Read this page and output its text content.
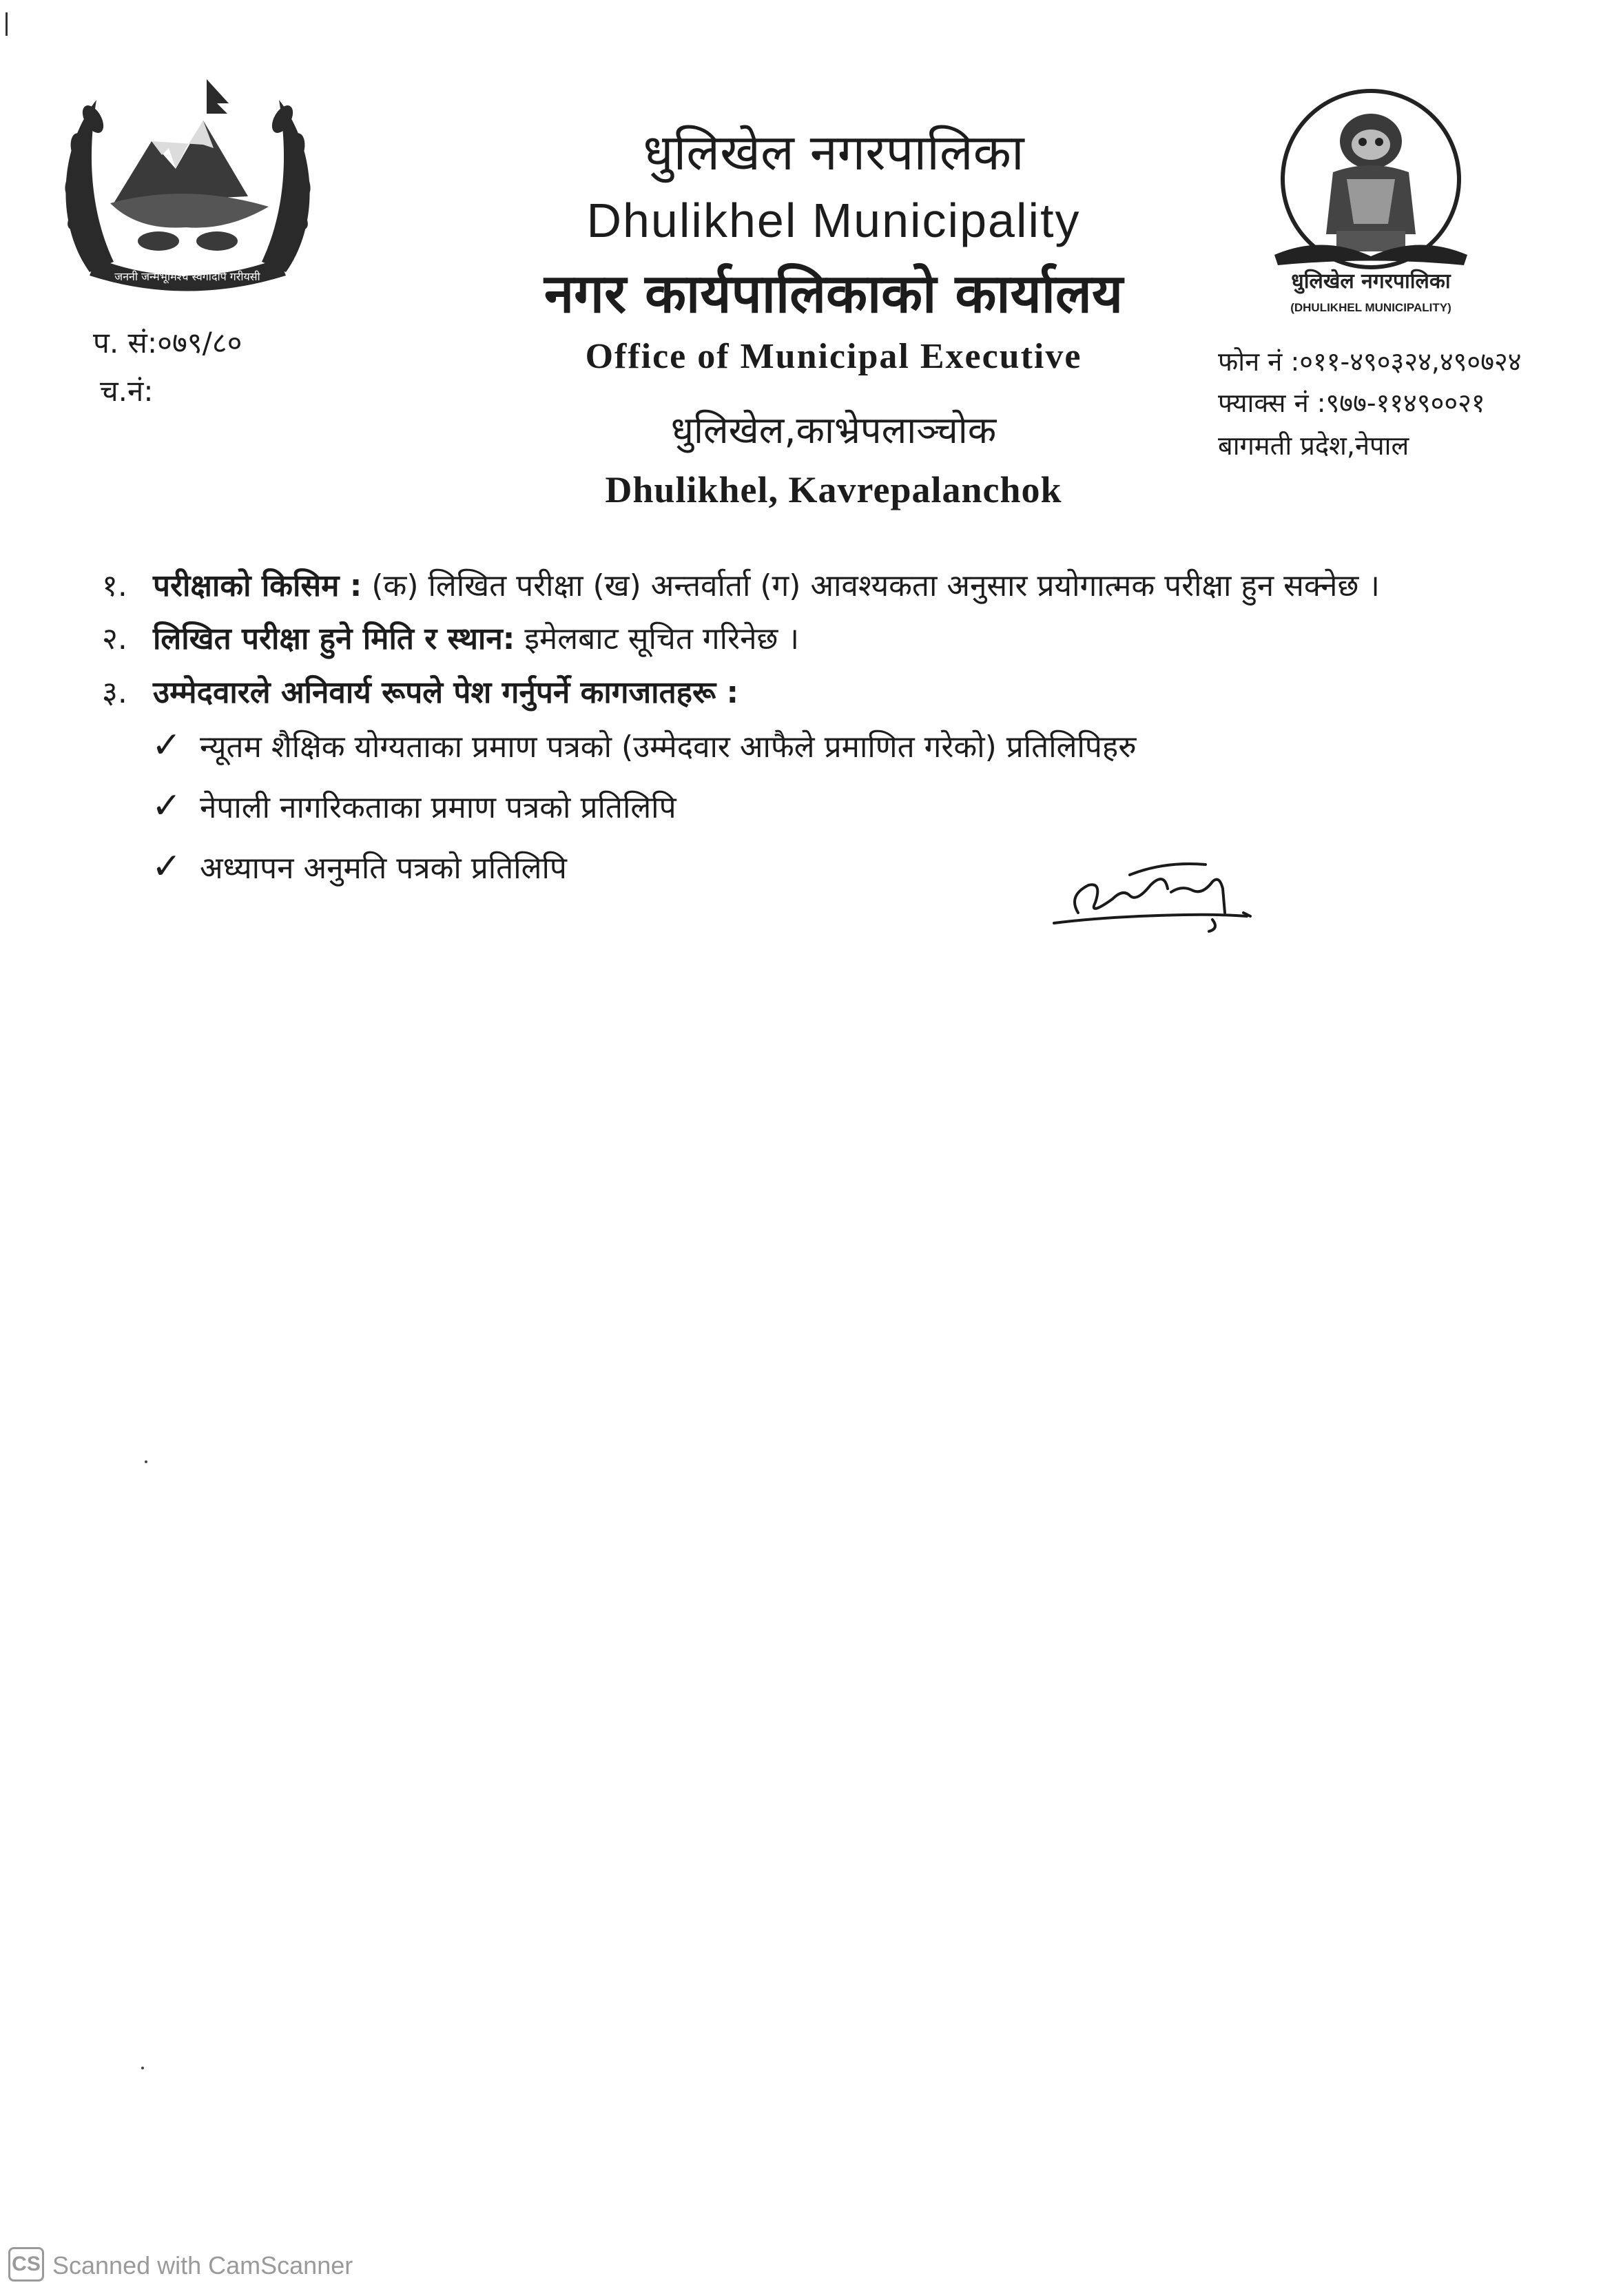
जननी जन्मभूमिश्च स्वर्गादपि गरीयसी	धुलिखेल नगरपालिका
(DHULIKHEL MUNICIPALITY)
धुलिखेल नगरपालिका
Dhulikhel Municipality
नगर कार्यपालिकाको कार्यालय
Office of Municipal Executive
धुलिखेल,काभ्रेपलाञ्चोक
Dhulikhel, Kavrepalanchok
प. सं:०७९/८०
च.नं:
फोन नं :०११-४९०३२४,४९०७२४
फ्याक्स नं :९७७-११४९००२१
बागमती प्रदेश,नेपाल
१. परीक्षाको किसिम : (क) लिखित परीक्षा (ख) अन्तर्वार्ता (ग) आवश्यकता अनुसार प्रयोगात्मक परीक्षा हुन सक्नेछ ।
२. लिखित परीक्षा हुने मिति र स्थान: इमेलबाट सूचित गरिनेछ ।
३. उम्मेदवारले अनिवार्य रूपले पेश गर्नुपर्ने कागजातहरू :
✓ न्यूतम शैक्षिक योग्यताका प्रमाण पत्रको (उम्मेदवार आफैले प्रमाणित गरेको) प्रतिलिपिहरु
✓ नेपाली नागरिकताका प्रमाण पत्रको प्रतिलिपि
✓ अध्यापन अनुमति पत्रको प्रतिलिपि
CS Scanned with CamScanner
